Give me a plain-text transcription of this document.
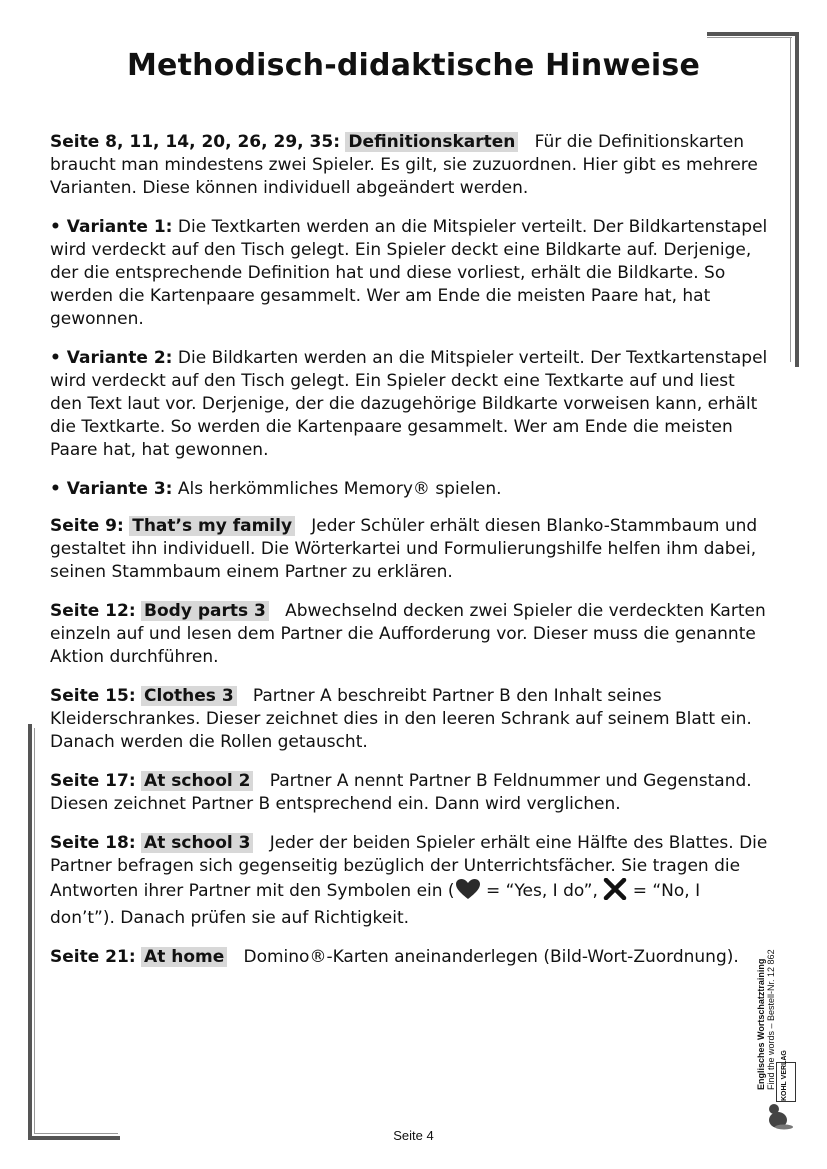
Methodisch-didaktische Hinweise

Seite 8, 11, 14, 20, 26, 29, 35: Definitionskarten Für die Definitionskarten braucht man mindestens zwei Spieler. Es gilt, sie zuzuordnen. Hier gibt es mehrere Varianten. Diese können individuell abgeändert werden.

• Variante 1: Die Textkarten werden an die Mitspieler verteilt. Der Bildkartenstapel wird verdeckt auf den Tisch gelegt. Ein Spieler deckt eine Bildkarte auf. Derjenige, der die entsprechende Definition hat und diese vorliest, erhält die Bildkarte. So werden die Kartenpaare gesammelt. Wer am Ende die meisten Paare hat, hat gewonnen.

• Variante 2: Die Bildkarten werden an die Mitspieler verteilt. Der Textkartenstapel wird verdeckt auf den Tisch gelegt. Ein Spieler deckt eine Textkarte auf und liest den Text laut vor. Derjenige, der die dazugehörige Bildkarte vorweisen kann, erhält die Textkarte. So werden die Kartenpaare gesammelt. Wer am Ende die meisten Paare hat, hat gewonnen.

• Variante 3: Als herkömmliches Memory® spielen.

Seite 9: That’s my family Jeder Schüler erhält diesen Blanko-Stammbaum und gestaltet ihn individuell. Die Wörterkartei und Formulierungshilfe helfen ihm dabei, seinen Stammbaum einem Partner zu erklären.

Seite 12: Body parts 3 Abwechselnd decken zwei Spieler die verdeckten Karten einzeln auf und lesen dem Partner die Aufforderung vor. Dieser muss die genannte Aktion durchführen.

Seite 15: Clothes 3 Partner A beschreibt Partner B den Inhalt seines Kleiderschrankes. Dieser zeichnet dies in den leeren Schrank auf seinem Blatt ein. Danach werden die Rollen getauscht.

Seite 17: At school 2 Partner A nennt Partner B Feldnummer und Gegenstand. Diesen zeichnet Partner B entsprechend ein. Dann wird verglichen.

Seite 18: At school 3 Jeder der beiden Spieler erhält eine Hälfte des Blattes. Die Partner befragen sich gegenseitig bezüglich der Unterrichtsfächer. Sie tragen die Antworten ihrer Partner mit den Symbolen ein ( = “Yes, I do”, = “No, I don’t”). Danach prüfen sie auf Richtigkeit.

Seite 21: At home Domino®-Karten aneinanderlegen (Bild-Wort-Zuordnung).

Englisches Wortschatztraining Find the words – Bestell-Nr. 12 862 KOHL VERLAG
Seite 4
